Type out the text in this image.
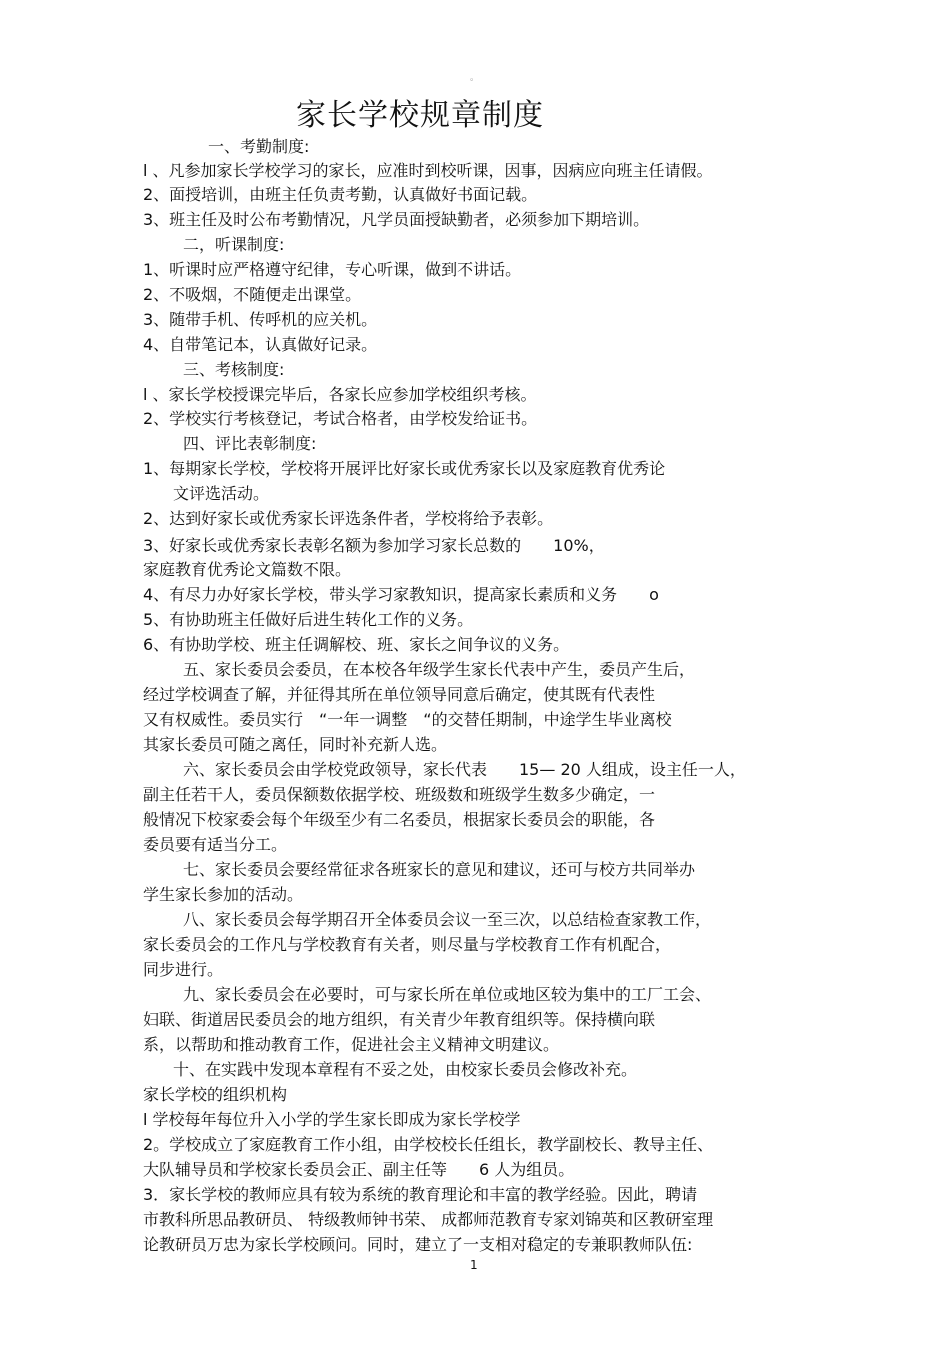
。
家长学校规章制度
一、考勤制度:
l 、凡参加家长学校学习的家长，应准时到校听课，因事，因病应向班主任请假。
2、面授培训，由班主任负责考勤，认真做好书面记载。
3、班主任及时公布考勤情况，凡学员面授缺勤者，必须参加下期培训。
二，听课制度:
1、听课时应严格遵守纪律，专心听课，做到不讲话。
2、不吸烟，不随便走出课堂。
3、随带手机、传呼机的应关机。
4、自带笔记本，认真做好记录。
三、考核制度:
l 、家长学校授课完毕后，各家长应参加学校组织考核。
2、学校实行考核登记，考试合格者，由学校发给证书。
四、评比表彰制度:
1、每期家长学校，学校将开展评比好家长或优秀家长以及家庭教育优秀论
文评选活动。
2、达到好家长或优秀家长评选条件者，学校将给予表彰。
3、好家长或优秀家长表彰名额为参加学习家长总数的　　10%，
家庭教育优秀论文篇数不限。
4、有尽力办好家长学校，带头学习家教知识，提高家长素质和义务　　o
5、有协助班主任做好后进生转化工作的义务。
6、有协助学校、班主任调解校、班、家长之间争议的义务。
五、家长委员会委员，在本校各年级学生家长代表中产生，委员产生后，
经过学校调查了解，并征得其所在单位领导同意后确定，使其既有代表性
又有权威性。委员实行　“一年一调整　“的交替任期制，中途学生毕业离校
其家长委员可随之离任，同时补充新人选。
六、家长委员会由学校党政领导，家长代表　　15— 20 人组成，设主任一人，
副主任若干人，委员保额数依据学校、班级数和班级学生数多少确定，一
般情况下校家委会每个年级至少有二名委员，根据家长委员会的职能，各
委员要有适当分工。
七、家长委员会要经常征求各班家长的意见和建议，还可与校方共同举办
学生家长参加的活动。
八、家长委员会每学期召开全体委员会议一至三次，以总结检查家教工作，
家长委员会的工作凡与学校教育有关者，则尽量与学校教育工作有机配合，
同步进行。
九、家长委员会在必要时，可与家长所在单位或地区较为集中的工厂工会、
妇联、街道居民委员会的地方组织，有关青少年教育组织等。保持横向联
系，以帮助和推动教育工作，促进社会主义精神文明建议。
十、在实践中发现本章程有不妥之处，由校家长委员会修改补充。
家长学校的组织机构
l 学校每年每位升入小学的学生家长即成为家长学校学
2。学校成立了家庭教育工作小组，由学校校长任组长，教学副校长、教导主任、
大队辅导员和学校家长委员会正、副主任等　　6 人为组员。
3．家长学校的教师应具有较为系统的教育理论和丰富的教学经验。因此，聘请
市教科所思品教研员、 特级教师钟书荣、 成都师范教育专家刘锦英和区教研室理
论教研员万忠为家长学校顾问。同时，建立了一支相对稳定的专兼职教师队伍:
1
